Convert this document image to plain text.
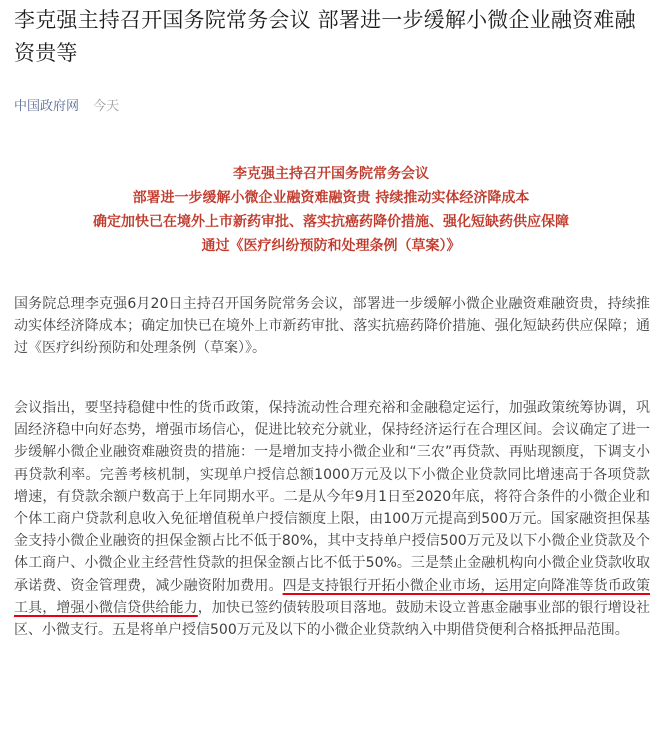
李克强主持召开国务院常务会议 部署进一步缓解小微企业融资难融资贵等
中国政府网 今天
李克强主持召开国务院常务会议
部署进一步缓解小微企业融资难融资贵 持续推动实体经济降成本
确定加快已在境外上市新药审批、落实抗癌药降价措施、强化短缺药供应保障
通过《医疗纠纷预防和处理条例（草案）》

国务院总理李克强6月20日主持召开国务院常务会议，部署进一步缓解小微企业融资难融资贵，持续推动实体经济降成本；确定加快已在境外上市新药审批、落实抗癌药降价措施、强化短缺药供应保障；通过《医疗纠纷预防和处理条例（草案）》。

会议指出，要坚持稳健中性的货币政策，保持流动性合理充裕和金融稳定运行，加强政策统筹协调，巩固经济稳中向好态势，增强市场信心，促进比较充分就业，保持经济运行在合理区间。会议确定了进一步缓解小微企业融资难融资贵的措施：一是增加支持小微企业和“三农”再贷款、再贴现额度，下调支小再贷款利率。完善考核机制，实现单户授信总额1000万元及以下小微企业贷款同比增速高于各项贷款增速，有贷款余额户数高于上年同期水平。二是从今年9月1日至2020年底，将符合条件的小微企业和个体工商户贷款利息收入免征增值税单户授信额度上限，由100万元提高到500万元。国家融资担保基金支持小微企业融资的担保金额占比不低于80%，其中支持单户授信500万元及以下小微企业贷款及个体工商户、小微企业主经营性贷款的担保金额占比不低于50%。三是禁止金融机构向小微企业贷款收取承诺费、资金管理费，减少融资附加费用。四是支持银行开拓小微企业市场，运用定向降准等货币政策工具，增强小微信贷供给能力，加快已签约债转股项目落地。鼓励未设立普惠金融事业部的银行增设社区、小微支行。五是将单户授信500万元及以下的小微企业贷款纳入中期借贷便利合格抵押品范围。
